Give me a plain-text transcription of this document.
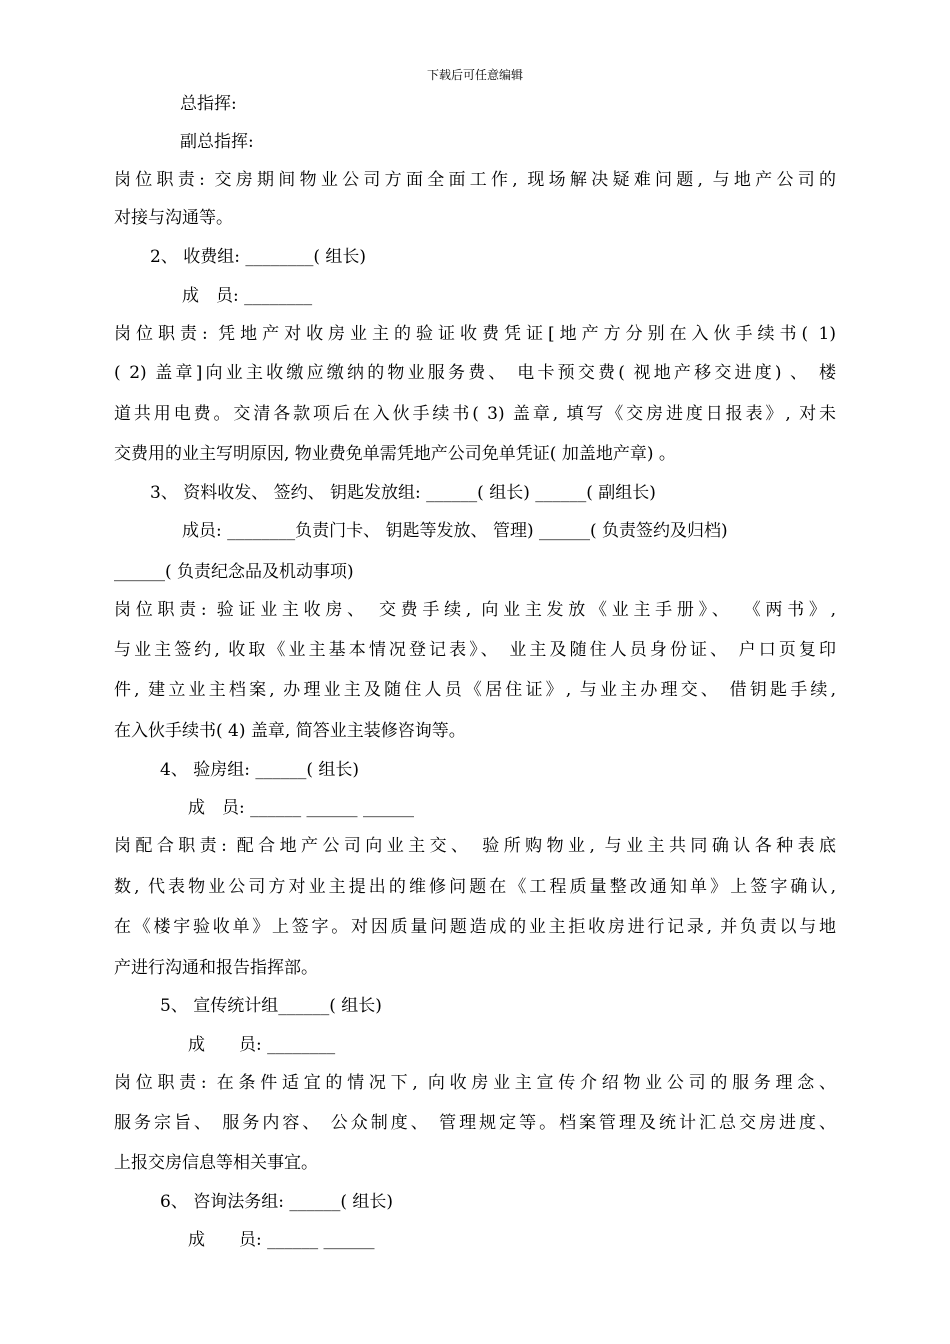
下载后可任意编辑
总指挥:
副总指挥:
岗位职责: 交房期间物业公司方面全面工作, 现场解决疑难问题, 与地产公司的
对接与沟通等。
2、 收费组: ________( 组长)
成　员: ________
岗位职责: 凭地产对收房业主的验证收费凭证[地产方分别在入伙手续书( 1)
( 2) 盖章]向业主收缴应缴纳的物业服务费、 电卡预交费( 视地产移交进度) 、 楼
道共用电费。交清各款项后在入伙手续书( 3) 盖章, 填写《交房进度日报表》, 对未
交费用的业主写明原因, 物业费免单需凭地产公司免单凭证( 加盖地产章) 。
3、 资料收发、 签约、 钥匙发放组: ______( 组长) ______( 副组长)
成员: ________负责门卡、 钥匙等发放、 管理) ______( 负责签约及归档)
______( 负责纪念品及机动事项)
岗位职责: 验证业主收房、 交费手续, 向业主发放《业主手册》、 《两书》,
与业主签约, 收取《业主基本情况登记表》、 业主及随住人员身份证、 户口页复印
件, 建立业主档案, 办理业主及随住人员《居住证》, 与业主办理交、 借钥匙手续,
在入伙手续书( 4) 盖章, 简答业主装修咨询等。
4、 验房组: ______( 组长)
成　员: ______ ______ ______
岗配合职责: 配合地产公司向业主交、 验所购物业, 与业主共同确认各种表底
数, 代表物业公司方对业主提出的维修问题在《工程质量整改通知单》上签字确认,
在《楼宇验收单》上签字。对因质量问题造成的业主拒收房进行记录, 并负责以与地
产进行沟通和报告指挥部。
5、 宣传统计组______( 组长)
成　　员: ________
岗位职责: 在条件适宜的情况下, 向收房业主宣传介绍物业公司的服务理念、
服务宗旨、 服务内容、 公众制度、 管理规定等。档案管理及统计汇总交房进度、
上报交房信息等相关事宜。
6、 咨询法务组: ______( 组长)
成　　员: ______ ______
